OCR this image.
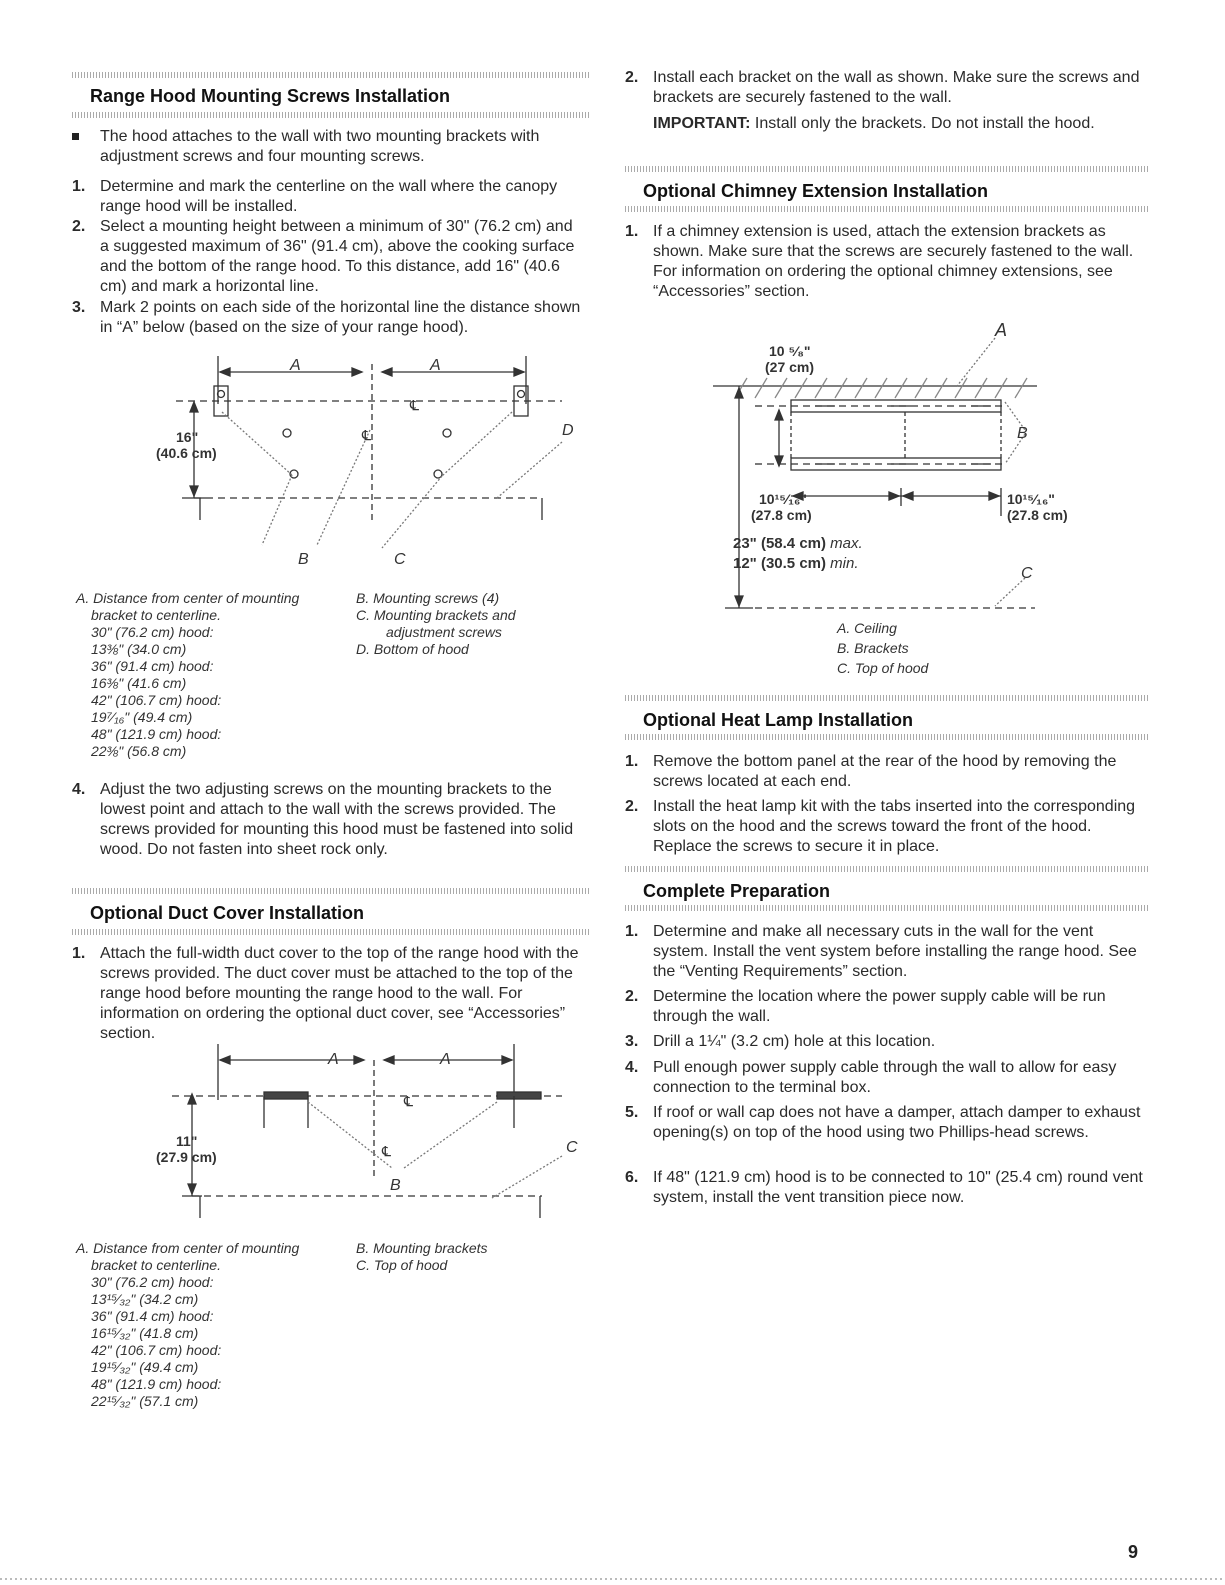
Range Hood Mounting Screws Installation
The hood attaches to the wall with two mounting brackets with adjustment screws and four mounting screws.
1. Determine and mark the centerline on the wall where the canopy range hood will be installed.
2. Select a mounting height between a minimum of 30" (76.2 cm) and a suggested maximum of 36" (91.4 cm), above the cooking surface and the bottom of the range hood. To this distance, add 16" (40.6 cm) and mark a horizontal line.
3. Mark 2 points on each side of the horizontal line the distance shown in “A” below (based on the size of your range hood).
A	A
℄
℄
16"
(40.6 cm)
D
B	C
A. Distance from center of mounting
bracket to centerline.
30" (76.2 cm) hood:
13⅜" (34.0 cm)
36" (91.4 cm) hood:
16⅜" (41.6 cm)
42" (106.7 cm) hood:
19⁷⁄₁₆" (49.4 cm)
48" (121.9 cm) hood:
22⅜" (56.8 cm)
B. Mounting screws (4)
C. Mounting brackets and
adjustment screws
D. Bottom of hood
4. Adjust the two adjusting screws on the mounting brackets to the lowest point and attach to the wall with the screws provided. The screws provided for mounting this hood must be fastened into solid wood. Do not fasten into sheet rock only.
Optional Duct Cover Installation
1. Attach the full-width duct cover to the top of the range hood with the screws provided. The duct cover must be attached to the top of the range hood before mounting the range hood to the wall. For information on ordering the optional duct cover, see “Accessories” section.
A	A
℄
℄
11"
(27.9 cm)
C
B
A. Distance from center of mounting
bracket to centerline.
30" (76.2 cm) hood:
13¹⁵⁄₃₂" (34.2 cm)
36" (91.4 cm) hood:
16¹⁵⁄₃₂" (41.8 cm)
42" (106.7 cm) hood:
19¹⁵⁄₃₂" (49.4 cm)
48" (121.9 cm) hood:
22¹⁵⁄₃₂" (57.1 cm)
B. Mounting brackets
C. Top of hood
2. Install each bracket on the wall as shown. Make sure the screws and brackets are securely fastened to the wall.
IMPORTANT: Install only the brackets. Do not install the hood.
Optional Chimney Extension Installation
1. If a chimney extension is used, attach the extension brackets as shown. Make sure that the screws are securely fastened to the wall. For information on ordering the optional chimney extensions, see “Accessories” section.
A
10 ⁵⁄₈"
(27 cm)
B
10¹⁵⁄₁₆"
(27.8 cm)
10¹⁵⁄₁₆"
(27.8 cm)
23" (58.4 cm) max.
12" (30.5 cm) min.
C
A. Ceiling
B. Brackets
C. Top of hood
Optional Heat Lamp Installation
1. Remove the bottom panel at the rear of the hood by removing the screws located at each end.
2. Install the heat lamp kit with the tabs inserted into the corresponding slots on the hood and the screws toward the front of the hood. Replace the screws to secure it in place.
Complete Preparation
1. Determine and make all necessary cuts in the wall for the vent system. Install the vent system before installing the range hood. See the “Venting Requirements” section.
2. Determine the location where the power supply cable will be run through the wall.
3. Drill a 1¼" (3.2 cm) hole at this location.
4. Pull enough power supply cable through the wall to allow for easy connection to the terminal box.
5. If roof or wall cap does not have a damper, attach damper to exhaust opening(s) on top of the hood using two Phillips-head screws.
6. If 48" (121.9 cm) hood is to be connected to 10" (25.4 cm) round vent system, install the vent transition piece now.
9
